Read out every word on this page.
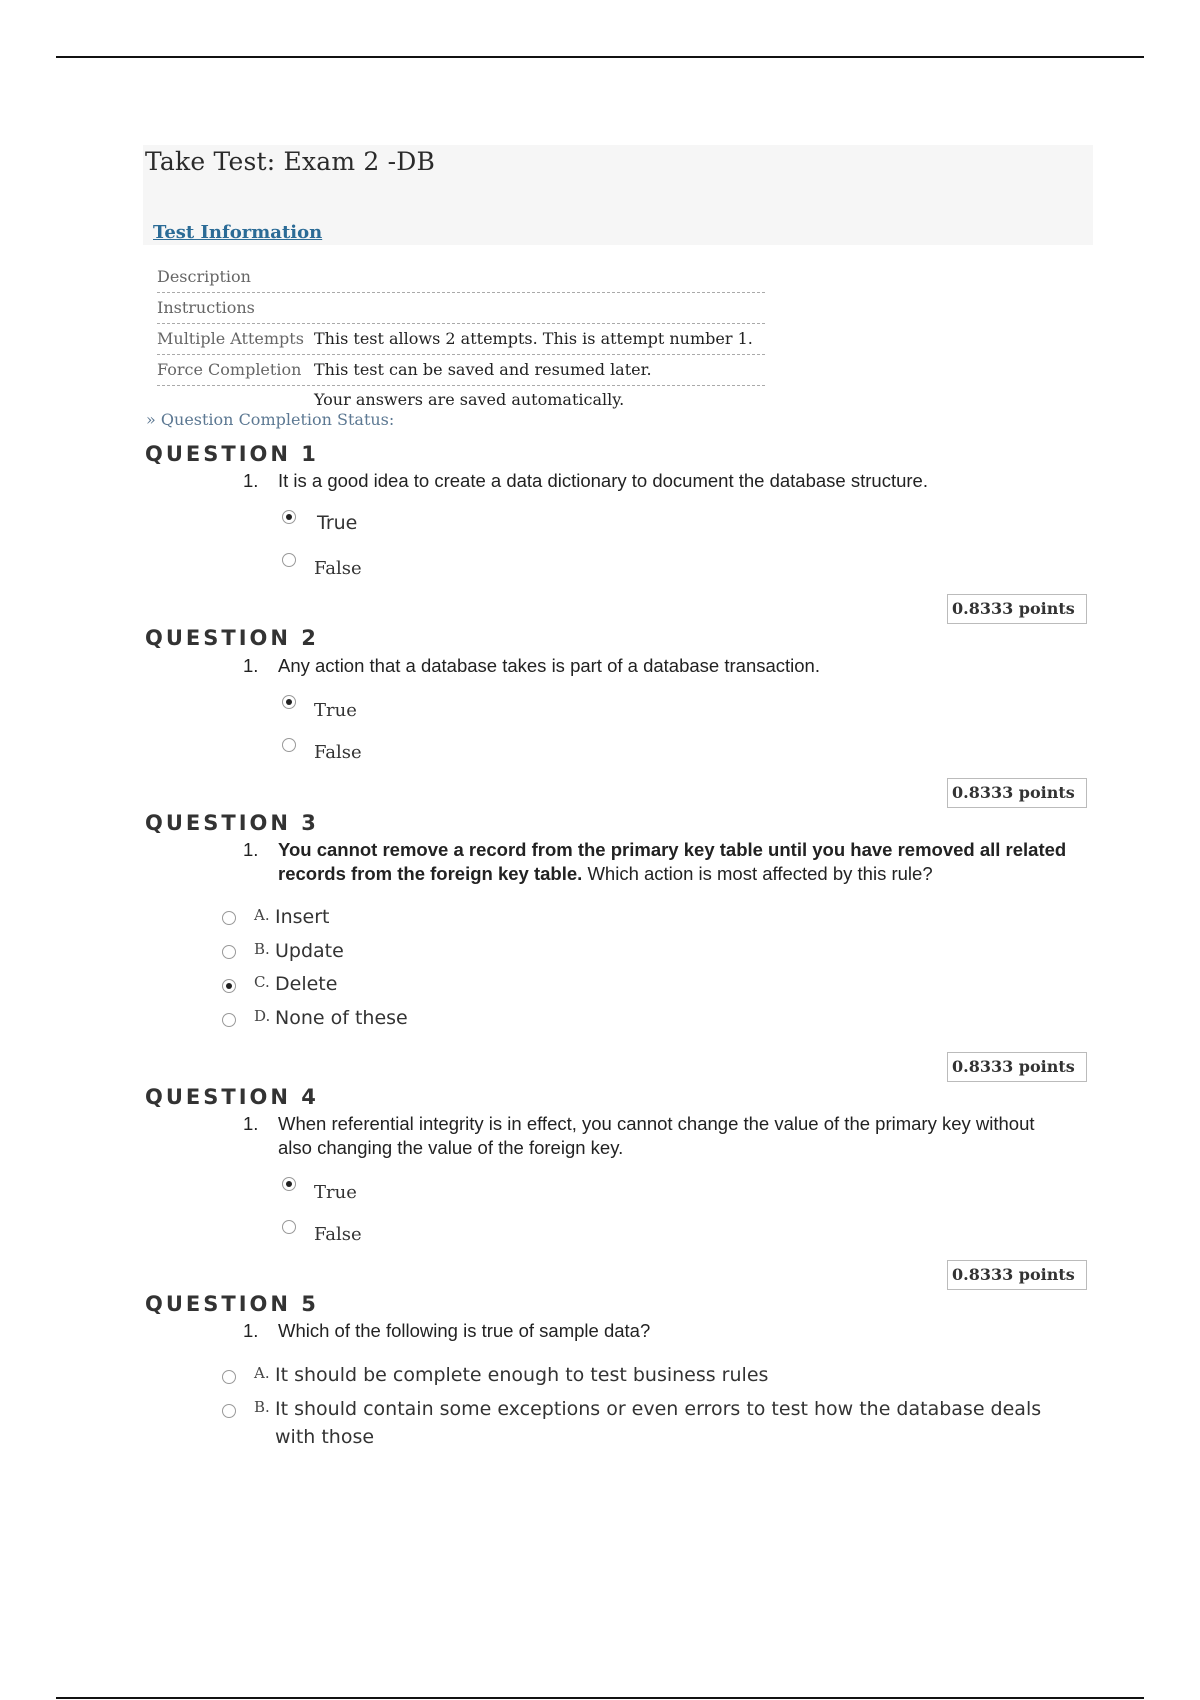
Take Test: Exam 2 -DB
Test Information
Description
Instructions
Multiple Attempts This test allows 2 attempts. This is attempt number 1.
Force Completion This test can be saved and resumed later.
Your answers are saved automatically.
» Question Completion Status:
QUESTION 1
1. It is a good idea to create a data dictionary to document the database structure.
True
False
0.8333 points
QUESTION 2
1. Any action that a database takes is part of a database transaction.
True
False
0.8333 points
QUESTION 3
1. You cannot remove a record from the primary key table until you have removed all related records from the foreign key table. Which action is most affected by this rule?
A. Insert
B. Update
C. Delete
D. None of these
0.8333 points
QUESTION 4
1. When referential integrity is in effect, you cannot change the value of the primary key without also changing the value of the foreign key.
True
False
0.8333 points
QUESTION 5
1. Which of the following is true of sample data?
A. It should be complete enough to test business rules
B. It should contain some exceptions or even errors to test how the database deals with those
